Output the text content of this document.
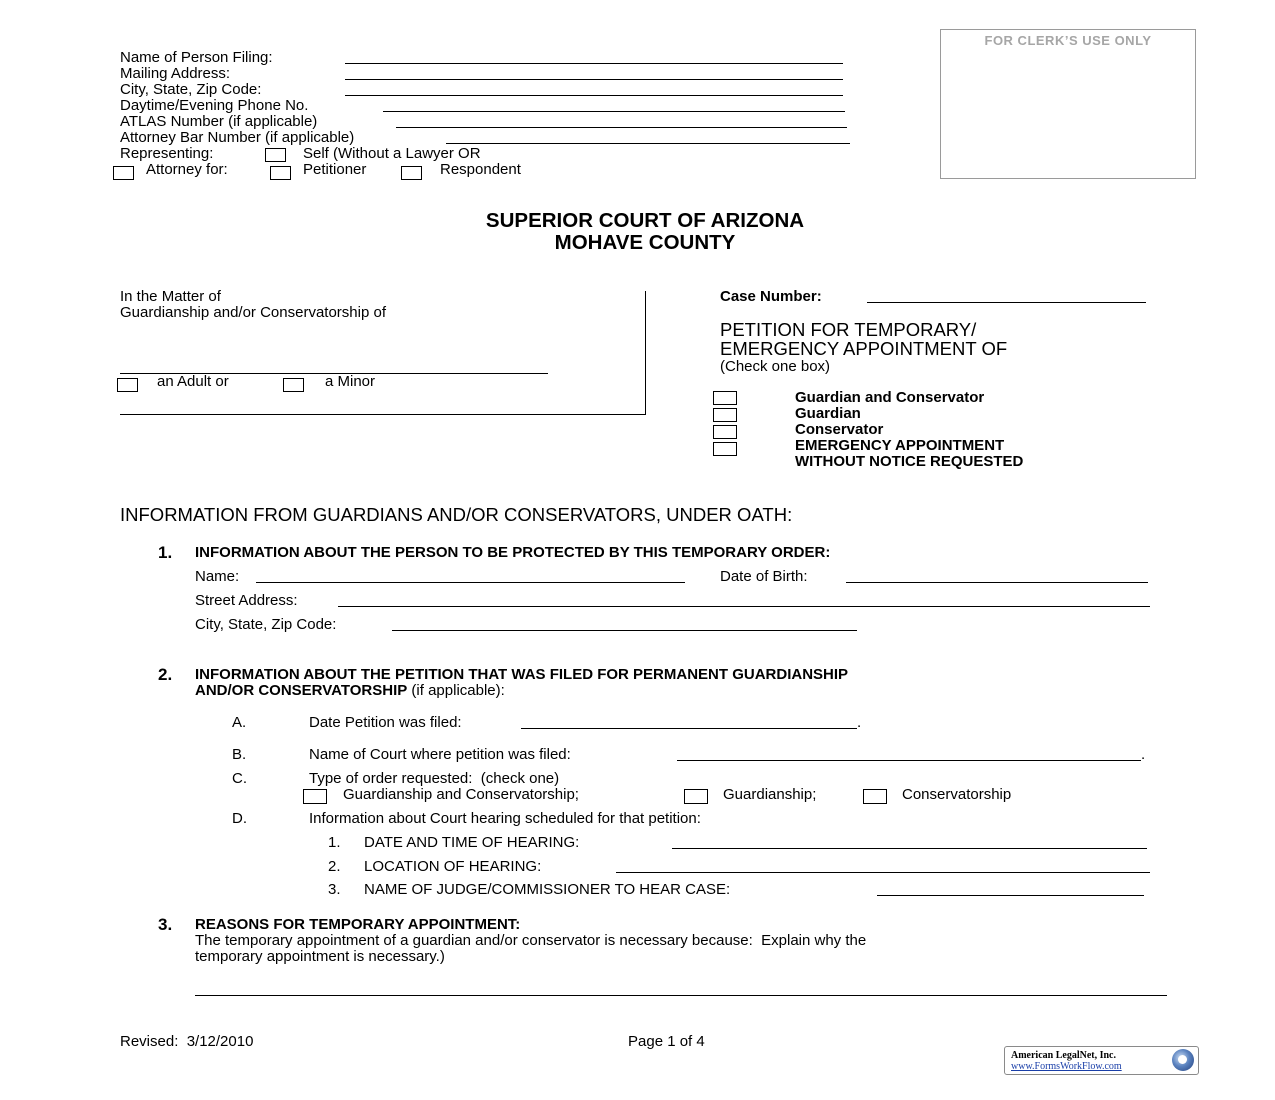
Name of Person Filing:
Mailing Address:
City, State, Zip Code:
Daytime/Evening Phone No.
ATLAS Number (if applicable)
Attorney Bar Number (if applicable)
Representing:	Self (Without a Lawyer OR
Attorney for:	Petitioner	Respondent
FOR CLERK’S USE ONLY
SUPERIOR COURT OF ARIZONA
MOHAVE COUNTY
In the Matter of
Guardianship and/or Conservatorship of
an Adult or	a Minor
Case Number:
PETITION FOR TEMPORARY/
EMERGENCY APPOINTMENT OF
(Check one box)
Guardian and Conservator
Guardian
Conservator
EMERGENCY APPOINTMENT
WITHOUT NOTICE REQUESTED
INFORMATION FROM GUARDIANS AND/OR CONSERVATORS, UNDER OATH:
1. INFORMATION ABOUT THE PERSON TO BE PROTECTED BY THIS TEMPORARY ORDER:
Name:	Date of Birth:
Street Address:
City, State, Zip Code:
2. INFORMATION ABOUT THE PETITION THAT WAS FILED FOR PERMANENT GUARDIANSHIP
AND/OR CONSERVATORSHIP (if applicable):
A.	Date Petition was filed:	.
B.	Name of Court where petition was filed:	.
C.	Type of order requested:  (check one)
Guardianship and Conservatorship;	Guardianship;	Conservatorship
D.	Information about Court hearing scheduled for that petition:
1. DATE AND TIME OF HEARING:
2. LOCATION OF HEARING:
3. NAME OF JUDGE/COMMISSIONER TO HEAR CASE:
3. REASONS FOR TEMPORARY APPOINTMENT:
The temporary appointment of a guardian and/or conservator is necessary because:  Explain why the
temporary appointment is necessary.)
Revised:  3/12/2010	Page 1 of 4
American LegalNet, Inc.
www.FormsWorkFlow.com
